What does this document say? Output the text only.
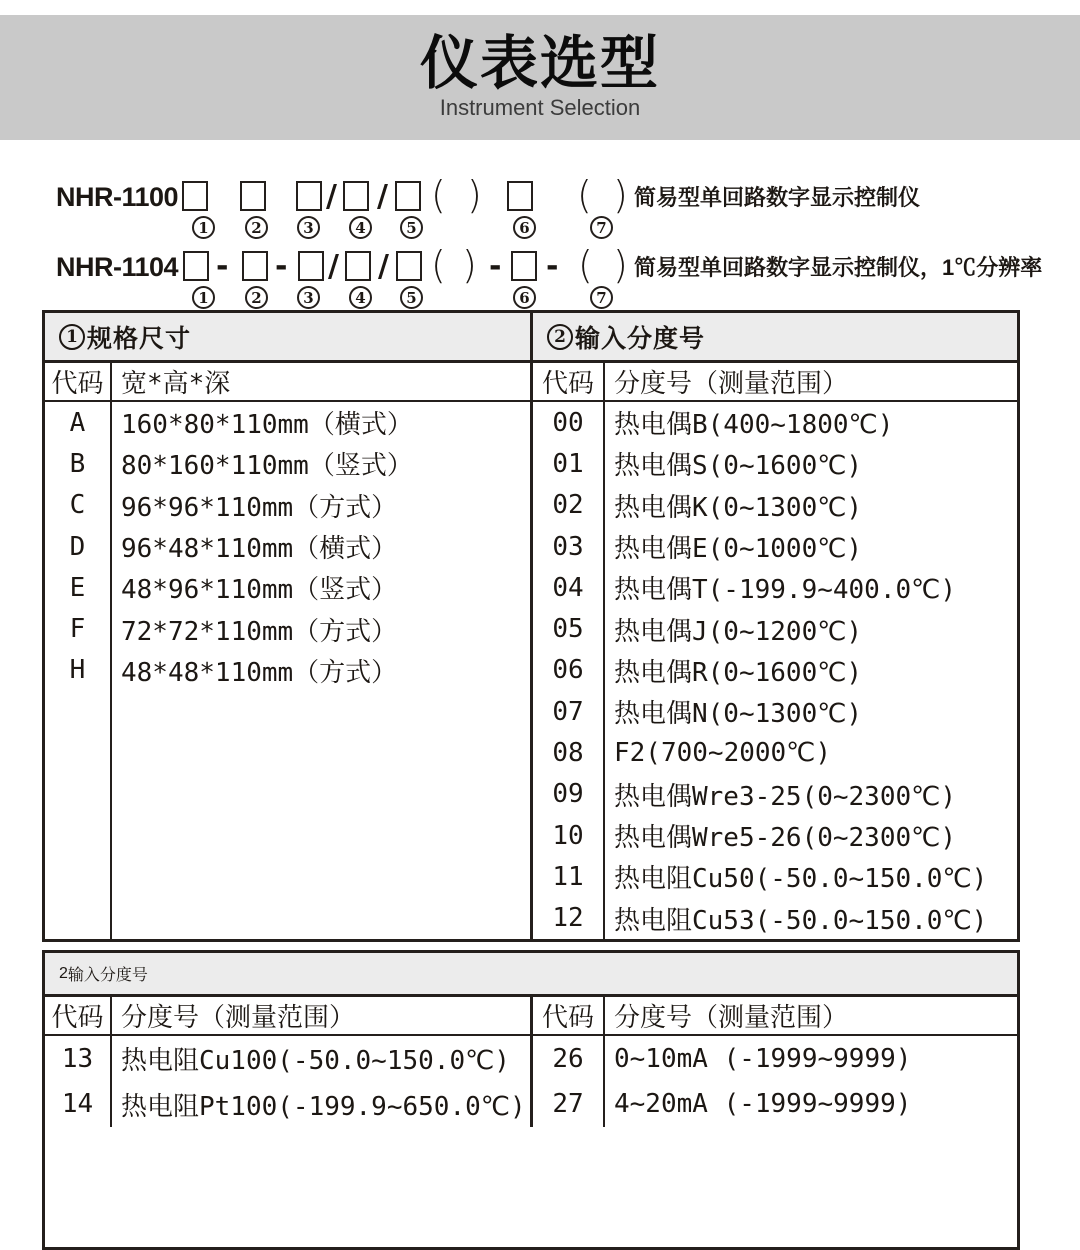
仪表选型
Instrument Selection
NHR-1100	/ / ( )	( ) 简易型单回路数字显示控制仪
1	2	3	4	5	6	7
NHR-1104 - - / / ( ) - - ( ) 简易型单回路数字显示控制仪，1℃分辨率
1	2	3	4	5	6	7
1 规格尺寸	2 输入分度号
代码 宽*高*深
A	160*80*110mm（横式）
B	80*160*110mm（竖式）
C	96*96*110mm（方式）
D	96*48*110mm（横式）
E	48*96*110mm（竖式）
F	72*72*110mm（方式）
H	48*48*110mm（方式）
代码 分度号（测量范围）
00	热电偶B(400~1800℃)
01	热电偶S(0~1600℃)
02	热电偶K(0~1300℃)
03	热电偶E(0~1000℃)
04	热电偶T(-199.9~400.0℃)
05	热电偶J(0~1200℃)
06	热电偶R(0~1600℃)
07	热电偶N(0~1300℃)
08	F2(700~2000℃)
09	热电偶Wre3-25(0~2300℃)
10	热电偶Wre5-26(0~2300℃)
11	热电阻Cu50(-50.0~150.0℃)
12	热电阻Cu53(-50.0~150.0℃)
2 输入分度号
代码 分度号（测量范围）
13	热电阻Cu100(-50.0~150.0℃)
14	热电阻Pt100(-199.9~650.0℃)
代码 分度号（测量范围）
26	0~10mA (-1999~9999)
27	4~20mA (-1999~9999)
